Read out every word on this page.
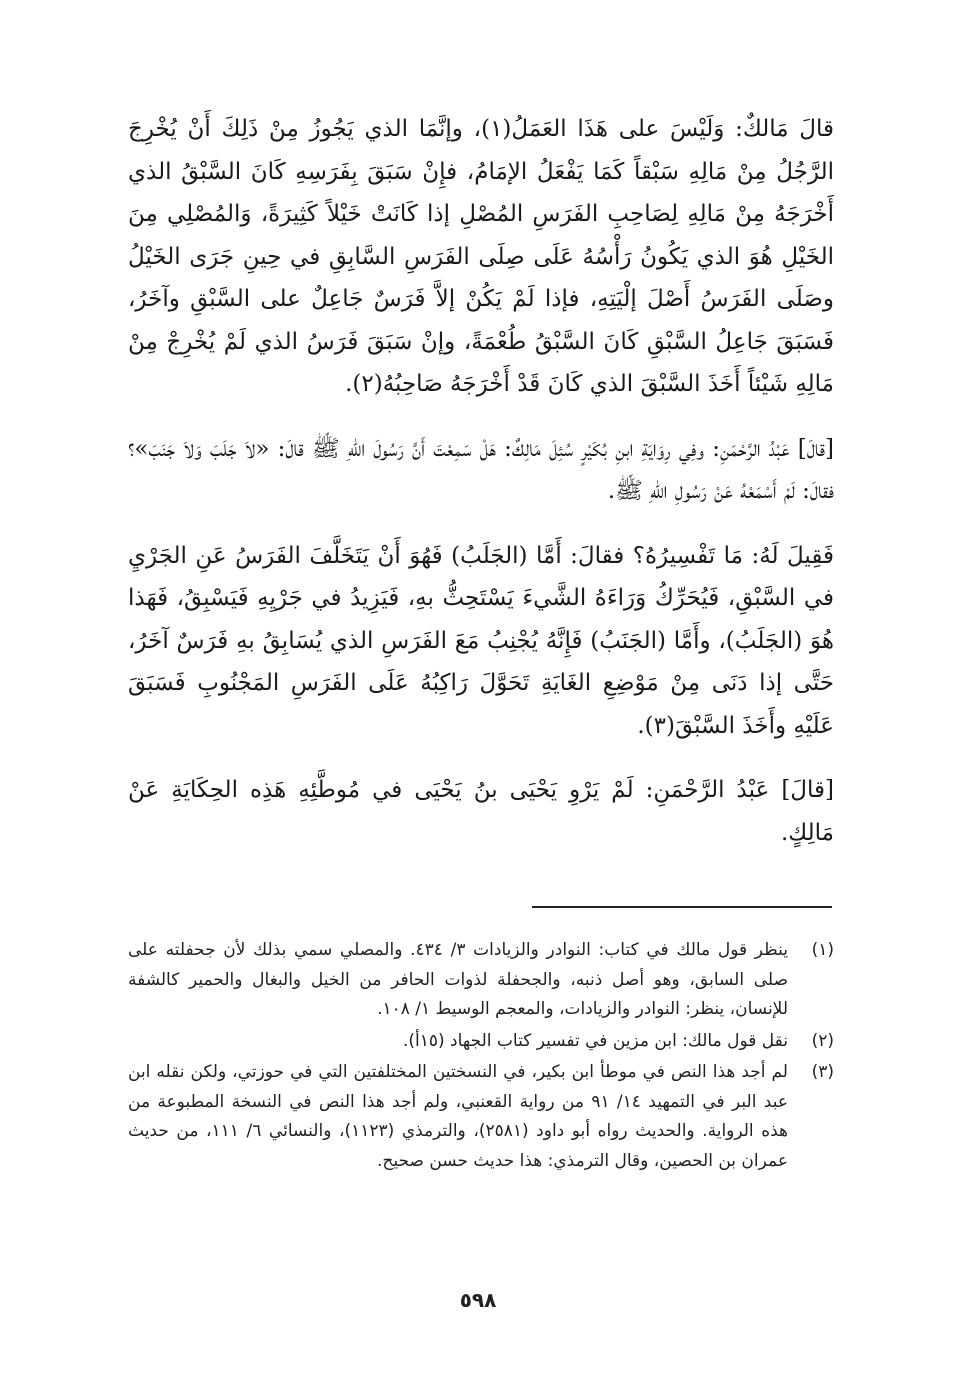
قالَ مَالكٌ: وَلَيْسَ على هَذَا العَمَلُ(١)، وإنَّمَا الذي يَجُوزُ مِنْ ذَلِكَ أَنْ يُخْرِجَ الرَّجُلُ مِنْ مَالِهِ سَبْقاً كَمَا يَفْعَلُ الإمَامُ، فإِنْ سَبَقَ بِفَرَسِهِ كَانَ السَّبْقُ الذي أَخْرَجَهُ مِنْ مَالِهِ لِصَاحِبِ الفَرَسِ المُصْلِ إذا كَانَتْ خَيْلاً كَثِيرَةً، وَالمُصْلِي مِنَ الخَيْلِ هُوَ الذي يَكُونُ رَأْسُهُ عَلَى صِلَى الفَرَسِ السَّابِقِ في حِينِ جَرَى الخَيْلُ وصَلَى الفَرَسُ أَصْلَ إلْيَتِهِ، فإذا لَمْ يَكُنْ إلاَّ فَرَسٌ جَاعِلٌ على السَّبْقِ وآخَرُ، فَسَبَقَ جَاعِلُ السَّبْقِ كَانَ السَّبْقُ طُعْمَةً، وإنْ سَبَقَ فَرَسُ الذي لَمْ يُخْرِجْ مِنْ مَالِهِ شَيْئاً أَخَذَ السَّبْقَ الذي كَانَ قَدْ أَخْرَجَهُ صَاحِبُهُ(٢).

[قالَ] عَبْدُ الرَّحْمَنِ: وفِي رِوَايَةِ ابنِ بُكَيْرٍ سُئِلَ مَالِكٌ: هَلْ سَمِعْتَ أَنَّ رَسُولَ اللهِ ﷺ قالَ: «لاَ جَلَبَ وَلاَ جَنَبَ»؟ فقالَ: لَمْ أَسْمَعْهُ عَنْ رَسُولِ اللهِ ﷺ.

فَقِيلَ لَهُ: مَا تَفْسِيرُهُ؟ فقالَ: أَمَّا (الجَلَبُ) فَهُوَ أَنْ يَتَخَلَّفَ الفَرَسُ عَنِ الجَرْيِ في السَّبْقِ، فَيُحَرِّكُ وَرَاءَهُ الشَّيءَ يَسْتَحِثُّ بهِ، فَيَزِيدُ في جَرْيِهِ فَيَسْبِقُ، فَهَذا هُوَ (الجَلَبُ)، وأَمَّا (الجَنَبُ) فَإِنَّهُ يُجْنِبُ مَعَ الفَرَسِ الذي يُسَابِقُ بهِ فَرَسٌ آخَرُ، حَتَّى إذا دَنَى مِنْ مَوْضِعِ الغَايَةِ تَحَوَّلَ رَاكِبُهُ عَلَى الفَرَسِ المَجْنُوبِ فَسَبَقَ عَلَيْهِ وأَخَذَ السَّبْقَ(٣).

[قالَ] عَبْدُ الرَّحْمَنِ: لَمْ يَرْوِ يَحْيَى بنُ يَحْيَى في مُوطَّئِهِ هَذِه الحِكَايَةِ عَنْ مَالِكٍ.

(١)
ينظر قول مالك في كتاب: النوادر والزيادات ٣/ ٤٣٤. والمصلي سمي بذلك لأن جحفلته على صلى السابق، وهو أصل ذنبه، والجحفلة لذوات الحافر من الخيل والبغال والحمير كالشفة للإنسان، ينظر: النوادر والزيادات، والمعجم الوسيط ١/ ١٠٨.
(٢)
نقل قول مالك: ابن مزين في تفسير كتاب الجهاد (١٥أ).
(٣)
لم أجد هذا النص في موطأ ابن بكير، في النسختين المختلفتين التي في حوزتي، ولكن نقله ابن عبد البر في التمهيد ١٤/ ٩١ من رواية القعنبي، ولم أجد هذا النص في النسخة المطبوعة من هذه الرواية. والحديث رواه أبو داود (٢٥٨١)، والترمذي (١١٢٣)، والنسائي ٦/ ١١١، من حديث عمران بن الحصين، وقال الترمذي: هذا حديث حسن صحيح.
٥٩٨
